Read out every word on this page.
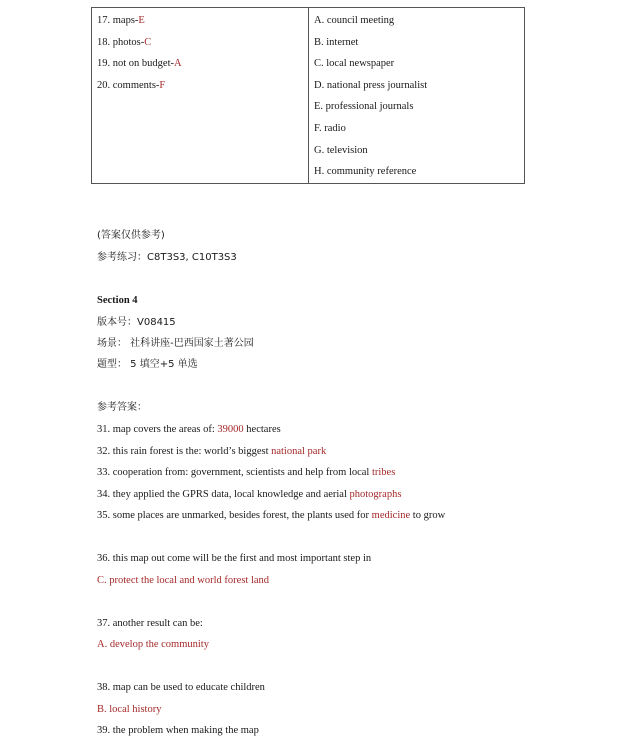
17. maps-E
18. photos-C
19. not on budget-A
20. comments-F

A. council meeting
B. internet
C. local newspaper
D. national press journalist
E. professional journals
F. radio
G. television
H. community reference
(答案仅供参考)
参考练习：C8T3S3, C10T3S3
Section 4
版本号：V08415
场景： 社科讲座-巴西国家土著公园
题型： 5 填空+5 单选
参考答案：
31. map covers the areas of: 39000 hectares
32. this rain forest is the: world’s biggest national park
33. cooperation from: government, scientists and help from local tribes
34. they applied the GPRS data, local knowledge and aerial photographs
35. some places are unmarked, besides forest, the plants used for medicine to grow
36. this map out come will be the first and most important step in
C. protect the local and world forest land
37. another result can be:
A. develop the community
38. map can be used to educate children
B. local history
39. the problem when making the map
